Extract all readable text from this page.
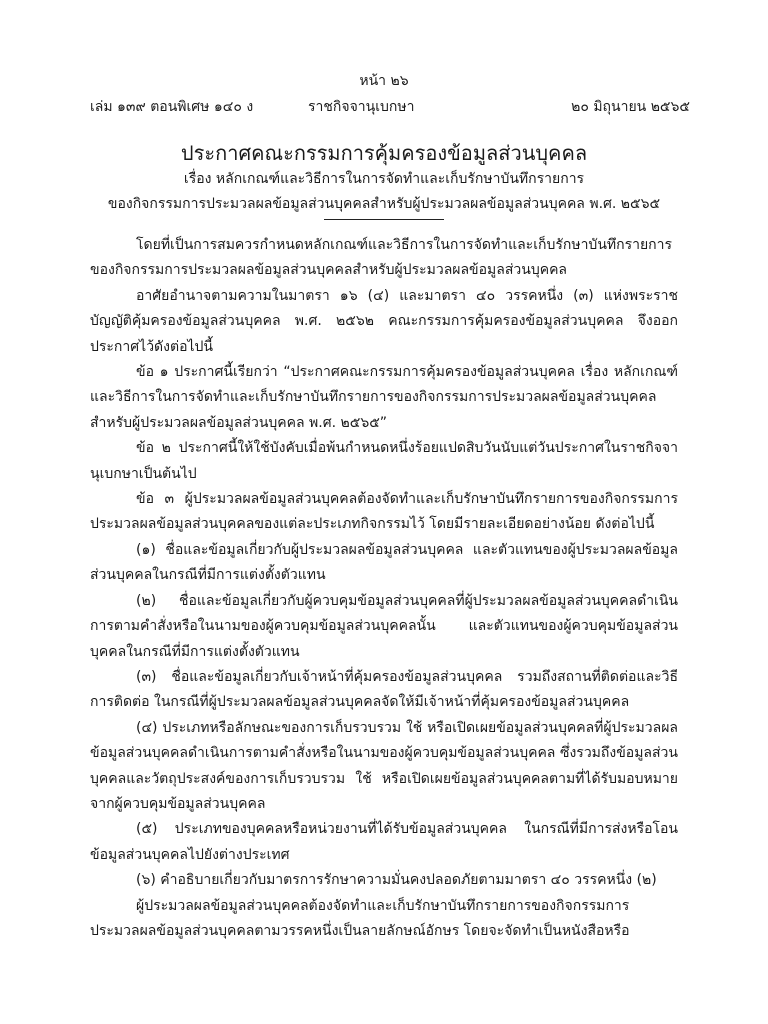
หน้า ๒๖
เล่ม ๑๓๙ ตอนพิเศษ ๑๔๐ ง	ราชกิจจานุเบกษา	๒๐ มิถุนายน ๒๕๖๕
ประกาศคณะกรรมการคุ้มครองข้อมูลส่วนบุคคล
เรื่อง หลักเกณฑ์และวิธีการในการจัดทำและเก็บรักษาบันทึกรายการ
ของกิจกรรมการประมวลผลข้อมูลส่วนบุคคลสำหรับผู้ประมวลผลข้อมูลส่วนบุคคล พ.ศ. ๒๕๖๕

โดยที่เป็นการสมควรกำหนดหลักเกณฑ์และวิธีการในการจัดทำและเก็บรักษาบันทึกรายการของกิจกรรมการประมวลผลข้อมูลส่วนบุคคลสำหรับผู้ประมวลผลข้อมูลส่วนบุคคล

อาศัยอำนาจตามความในมาตรา ๑๖ (๔) และมาตรา ๔๐ วรรคหนึ่ง (๓) แห่งพระราชบัญญัติคุ้มครองข้อมูลส่วนบุคคล พ.ศ. ๒๕๖๒ คณะกรรมการคุ้มครองข้อมูลส่วนบุคคล จึงออกประกาศไว้ดังต่อไปนี้

ข้อ ๑ ประกาศนี้เรียกว่า “ประกาศคณะกรรมการคุ้มครองข้อมูลส่วนบุคคล เรื่อง หลักเกณฑ์และวิธีการในการจัดทำและเก็บรักษาบันทึกรายการของกิจกรรมการประมวลผลข้อมูลส่วนบุคคลสำหรับผู้ประมวลผลข้อมูลส่วนบุคคล พ.ศ. ๒๕๖๕”

ข้อ ๒ ประกาศนี้ให้ใช้บังคับเมื่อพ้นกำหนดหนึ่งร้อยแปดสิบวันนับแต่วันประกาศในราชกิจจานุเบกษาเป็นต้นไป

ข้อ ๓ ผู้ประมวลผลข้อมูลส่วนบุคคลต้องจัดทำและเก็บรักษาบันทึกรายการของกิจกรรมการประมวลผลข้อมูลส่วนบุคคลของแต่ละประเภทกิจกรรมไว้ โดยมีรายละเอียดอย่างน้อย ดังต่อไปนี้

(๑) ชื่อและข้อมูลเกี่ยวกับผู้ประมวลผลข้อมูลส่วนบุคคล และตัวแทนของผู้ประมวลผลข้อมูลส่วนบุคคลในกรณีที่มีการแต่งตั้งตัวแทน

(๒) ชื่อและข้อมูลเกี่ยวกับผู้ควบคุมข้อมูลส่วนบุคคลที่ผู้ประมวลผลข้อมูลส่วนบุคคลดำเนินการตามคำสั่งหรือในนามของผู้ควบคุมข้อมูลส่วนบุคคลนั้น และตัวแทนของผู้ควบคุมข้อมูลส่วนบุคคลในกรณีที่มีการแต่งตั้งตัวแทน

(๓) ชื่อและข้อมูลเกี่ยวกับเจ้าหน้าที่คุ้มครองข้อมูลส่วนบุคคล รวมถึงสถานที่ติดต่อและวิธีการติดต่อ ในกรณีที่ผู้ประมวลผลข้อมูลส่วนบุคคลจัดให้มีเจ้าหน้าที่คุ้มครองข้อมูลส่วนบุคคล

(๔) ประเภทหรือลักษณะของการเก็บรวบรวม ใช้ หรือเปิดเผยข้อมูลส่วนบุคคลที่ผู้ประมวลผลข้อมูลส่วนบุคคลดำเนินการตามคำสั่งหรือในนามของผู้ควบคุมข้อมูลส่วนบุคคล ซึ่งรวมถึงข้อมูลส่วนบุคคลและวัตถุประสงค์ของการเก็บรวบรวม ใช้ หรือเปิดเผยข้อมูลส่วนบุคคลตามที่ได้รับมอบหมายจากผู้ควบคุมข้อมูลส่วนบุคคล

(๕) ประเภทของบุคคลหรือหน่วยงานที่ได้รับข้อมูลส่วนบุคคล ในกรณีที่มีการส่งหรือโอนข้อมูลส่วนบุคคลไปยังต่างประเทศ

(๖) คำอธิบายเกี่ยวกับมาตรการรักษาความมั่นคงปลอดภัยตามมาตรา ๔๐ วรรคหนึ่ง (๒)

ผู้ประมวลผลข้อมูลส่วนบุคคลต้องจัดทำและเก็บรักษาบันทึกรายการของกิจกรรมการประมวลผลข้อมูลส่วนบุคคลตามวรรคหนึ่งเป็นลายลักษณ์อักษร โดยจะจัดทำเป็นหนังสือหรือ
